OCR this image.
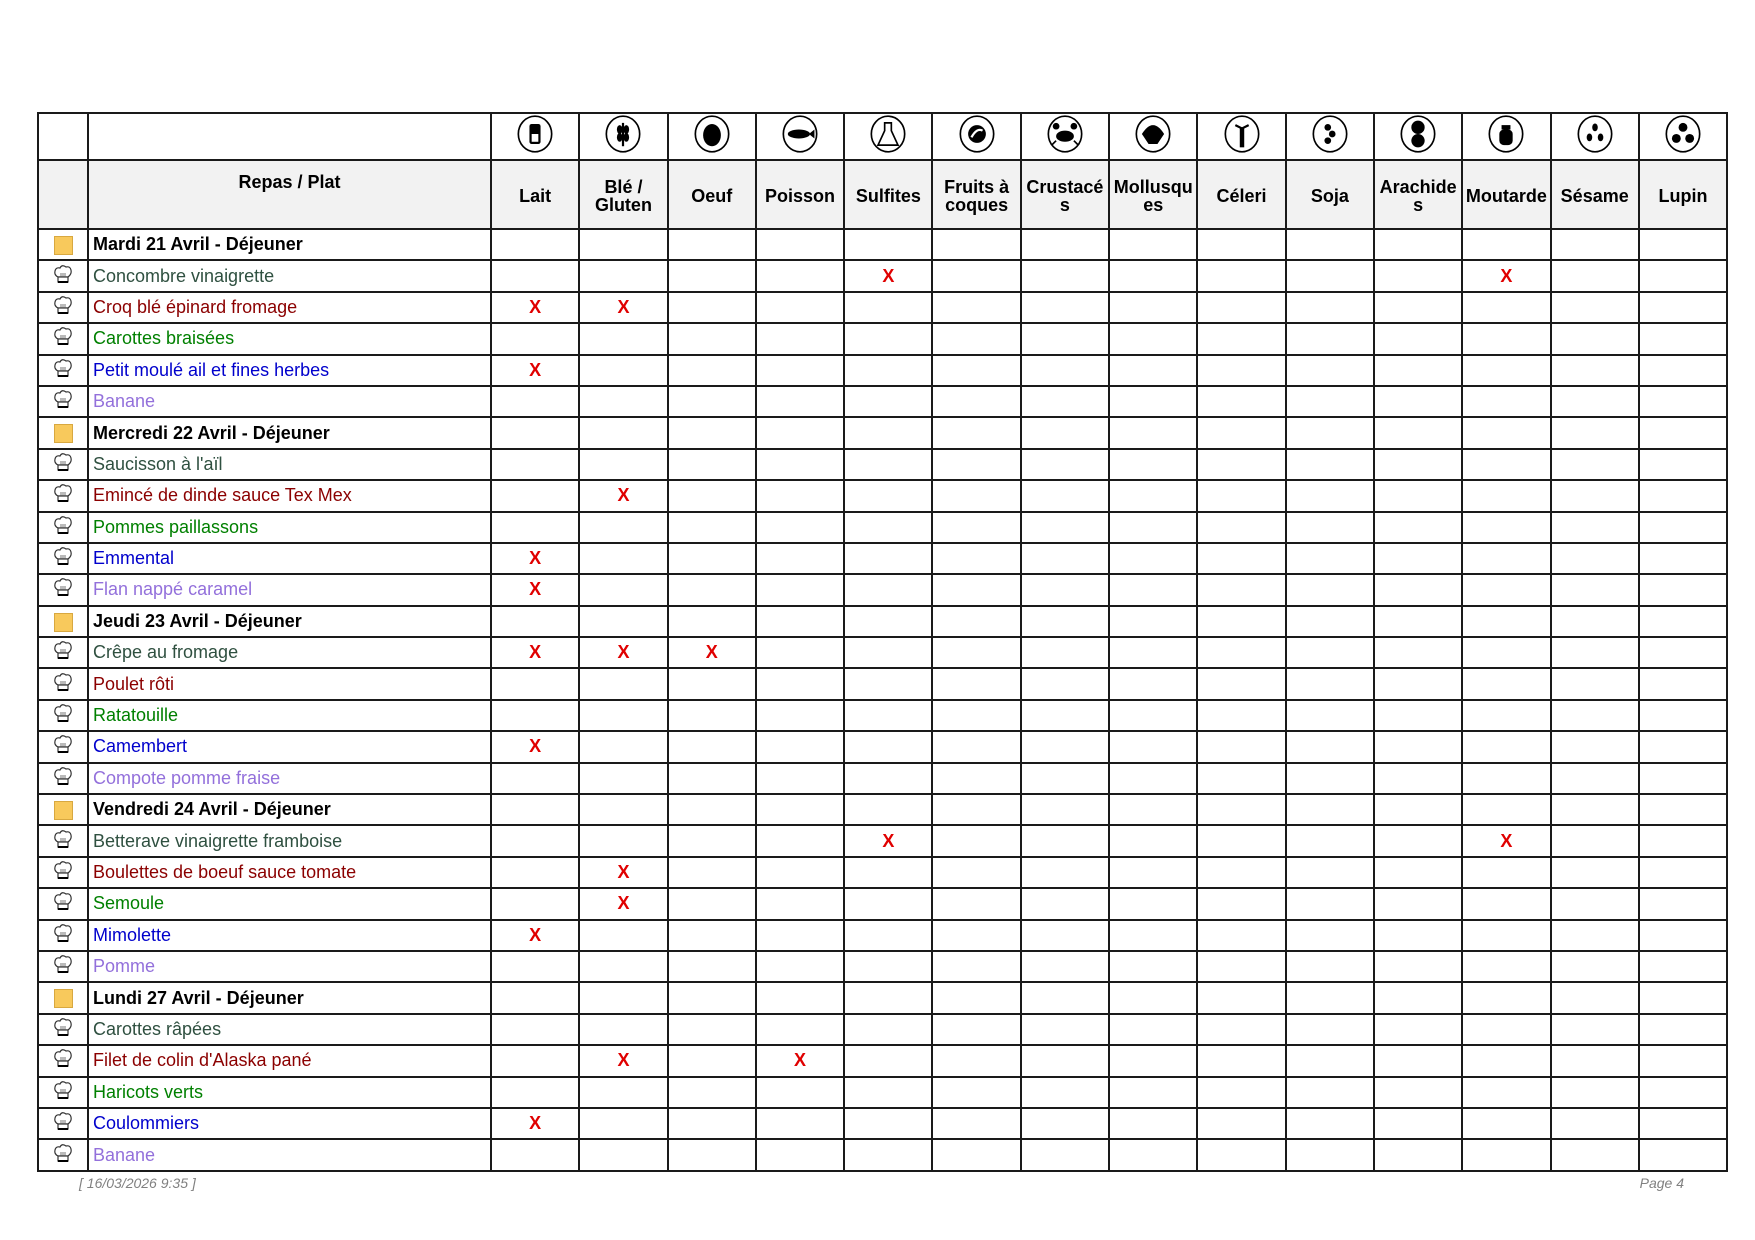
	Repas / Plat	Lait	Blé / Gluten	Oeuf	Poisson	Sulfites	Fruits à coques	Crustacés	Mollusques	Céleri	Soja	Arachides	Moutarde	Sésame	Lupin
	Mardi 21 Avril - Déjeuner														
	Concombre vinaigrette					X							X		
	Croq blé épinard fromage	X	X												
	Carottes braisées														
	Petit moulé ail et fines herbes	X													
	Banane														
	Mercredi 22 Avril - Déjeuner														
	Saucisson à l'aïl														
	Emincé de dinde sauce Tex Mex		X												
	Pommes paillassons														
	Emmental	X													
	Flan nappé caramel	X													
	Jeudi 23 Avril - Déjeuner														
	Crêpe au fromage	X	X	X											
	Poulet rôti														
	Ratatouille														
	Camembert	X													
	Compote pomme fraise														
	Vendredi 24 Avril - Déjeuner														
	Betterave vinaigrette framboise					X							X		
	Boulettes de boeuf sauce tomate		X												
	Semoule		X												
	Mimolette	X													
	Pomme														
	Lundi 27 Avril - Déjeuner														
	Carottes râpées														
	Filet de colin d'Alaska pané		X		X										
	Haricots verts														
	Coulommiers	X													
	Banane														
[ 16/03/2026 9:35 ]	Page 4
